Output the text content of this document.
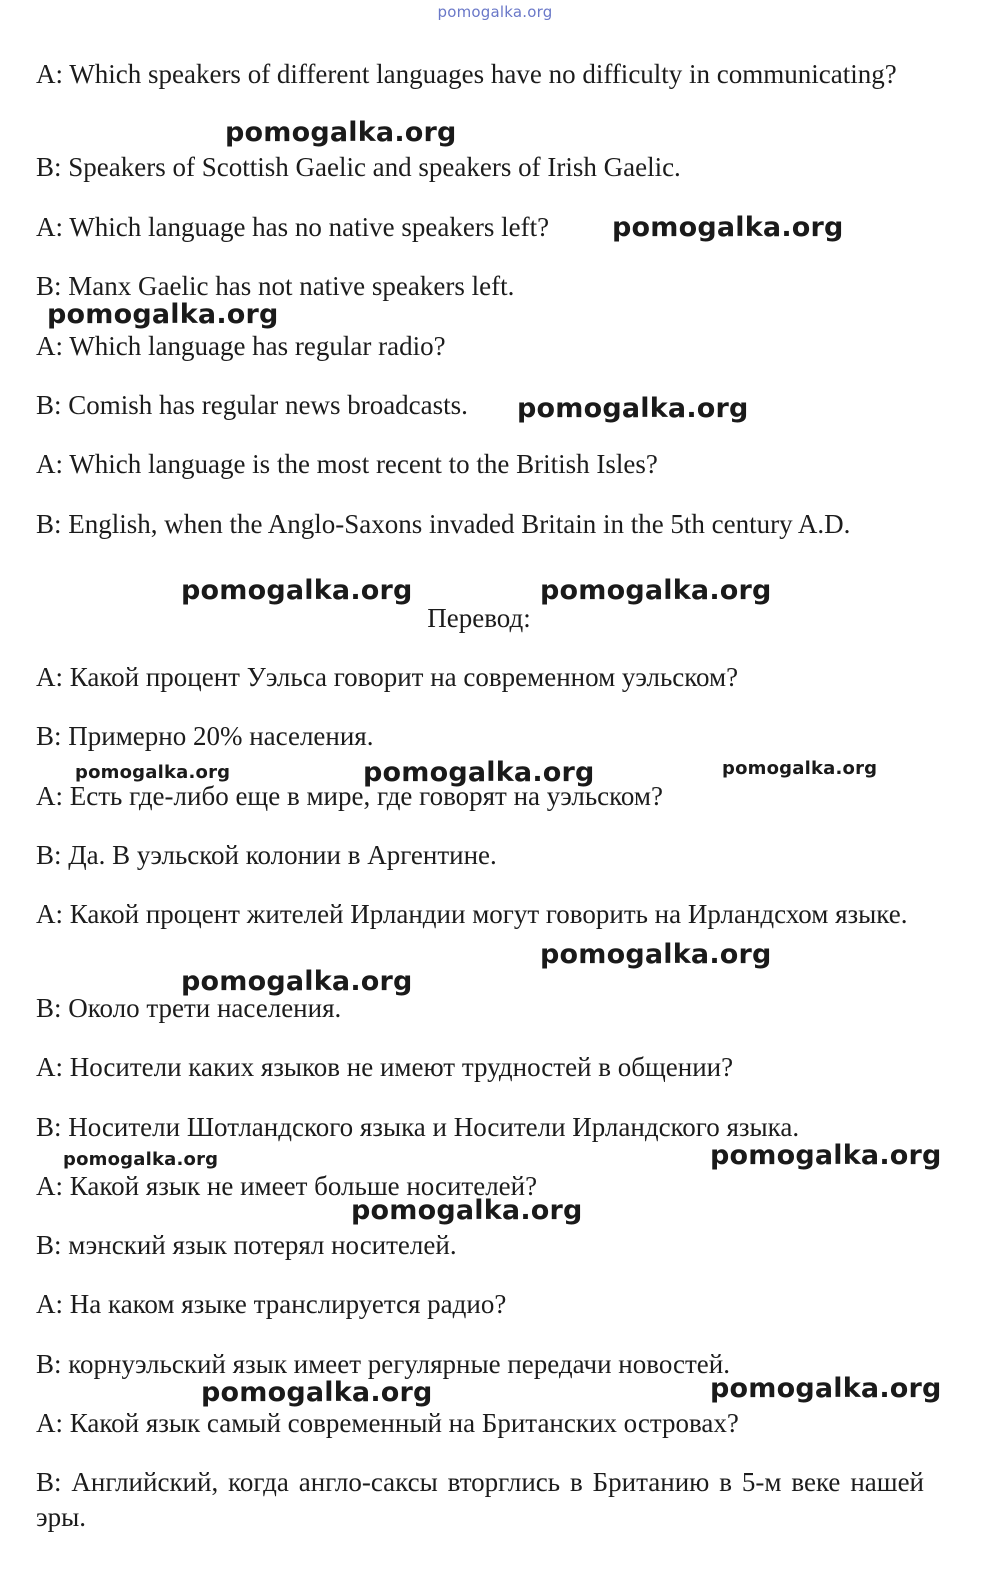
pomogalka.org

A: Which speakers of different languages have no difficulty in communicating?

B: Speakers of Scottish Gaelic and speakers of Irish Gaelic.

A: Which language has no native speakers left?

B: Manx Gaelic has not native speakers left.

A: Which language has regular radio?

B: Comish has regular news broadcasts.

A: Which language is the most recent to the British Isles?

B: English, when the Anglo-Saxons invaded Britain in the 5th century A.D.

Перевод:

А: Какой процент Уэльса говорит на современном уэльском?

В: Примерно 20% населения.

А: Есть где-либо еще в мире, где говорят на уэльском?

В: Да. В уэльской колонии в Аргентине.

А: Какой процент жителей Ирландии могут говорить на Ирландсхом языке.

В: Около трети населения.

А: Носители каких языков не имеют трудностей в общении?

В: Носители Шотландского языка и Носители Ирландского языка.

А: Какой язык не имеет больше носителей?

В: мэнский язык потерял носителей.

А: На каком языке транслируется радио?

В: корнуэльский язык имеет регулярные передачи новостей.

А: Какой язык самый современный на Британских островах?

В: Английский, когда англо-саксы вторглись в Британию в 5-м веке нашей эры.

pomogalka.org
pomogalka.org
pomogalka.org
pomogalka.org
pomogalka.org	pomogalka.org
pomogalka.org	pomogalka.org	pomogalka.org
pomogalka.org
pomogalka.org
pomogalka.org	pomogalka.org
pomogalka.org
pomogalka.org	pomogalka.org
